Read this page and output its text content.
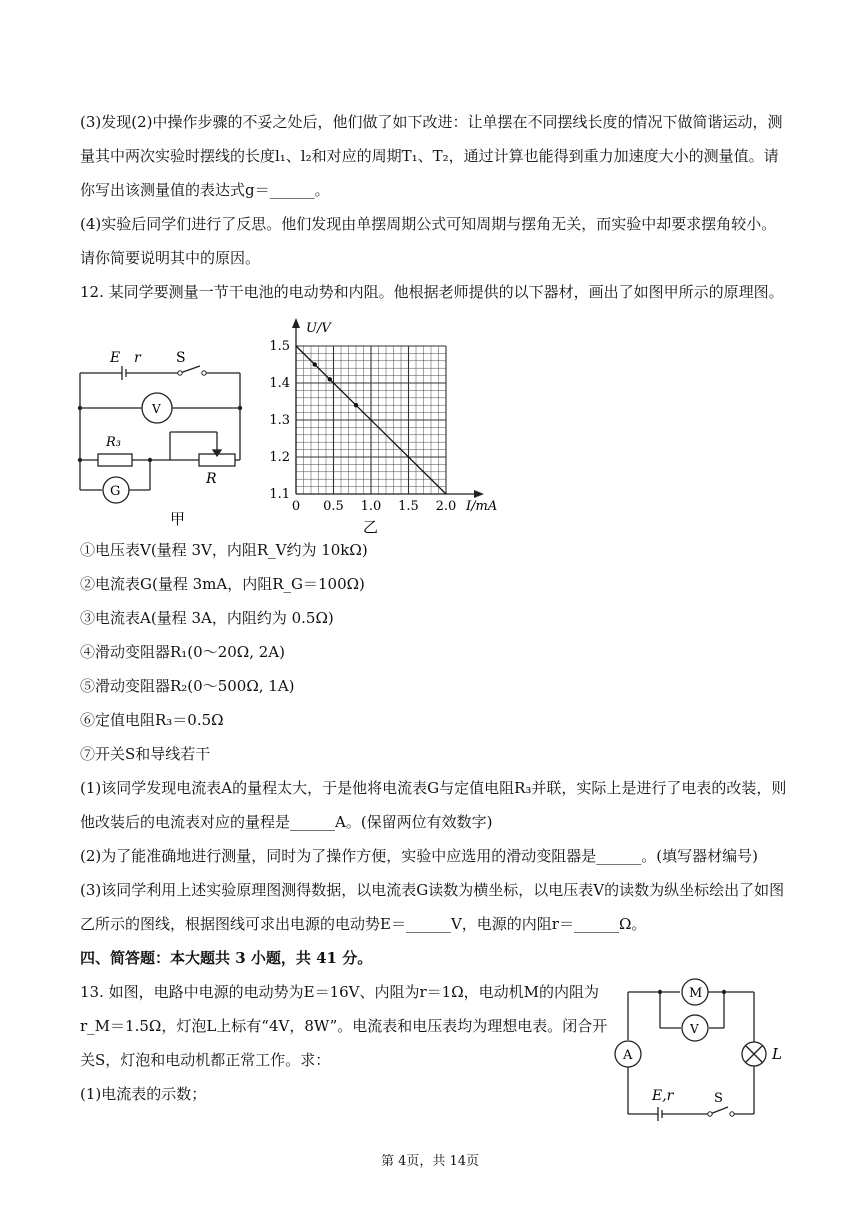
(3)发现(2)中操作步骤的不妥之处后，他们做了如下改进：让单摆在不同摆线长度的情况下做简谐运动，测
量其中两次实验时摆线的长度l₁、l₂和对应的周期T₁、T₂，通过计算也能得到重力加速度大小的测量值。请
你写出该测量值的表达式g＝______。
(4)实验后同学们进行了反思。他们发现由单摆周期公式可知周期与摆角无关，而实验中却要求摆角较小。
请你简要说明其中的原因。
12. 某同学要测量一节干电池的电动势和内阻。他根据老师提供的以下器材，画出了如图甲所示的原理图。
E r	S
V
R₃
R
G
甲
0 0.5 1.0 1.5 2.0
1.1
1.2
1.3
1.4
1.5
I/mA
U/V
乙
①电压表V(量程 3V，内阻R_V约为 10kΩ)
②电流表G(量程 3mA，内阻R_G＝100Ω)
③电流表A(量程 3A，内阻约为 0.5Ω)
④滑动变阻器R₁(0～20Ω, 2A)
⑤滑动变阻器R₂(0～500Ω, 1A)
⑥定值电阻R₃＝0.5Ω
⑦开关S和导线若干
(1)该同学发现电流表A的量程太大，于是他将电流表G与定值电阻R₃并联，实际上是进行了电表的改装，则
他改装后的电流表对应的量程是______A。(保留两位有效数字)
(2)为了能准确地进行测量，同时为了操作方便，实验中应选用的滑动变阻器是______。(填写器材编号)
(3)该同学利用上述实验原理图测得数据，以电流表G读数为横坐标，以电压表V的读数为纵坐标绘出了如图
乙所示的图线，根据图线可求出电源的电动势E＝______V，电源的内阻r＝______Ω。
四、简答题：本大题共 3 小题，共 41 分。
13. 如图，电路中电源的电动势为E＝16V、内阻为r＝1Ω，电动机M的内阻为
r_M＝1.5Ω，灯泡L上标有“4V，8W”。电流表和电压表均为理想电表。闭合开
关S，灯泡和电动机都正常工作。求：
(1)电流表的示数；
M
V
A	L
E,r	S
第 4页，共 14页
